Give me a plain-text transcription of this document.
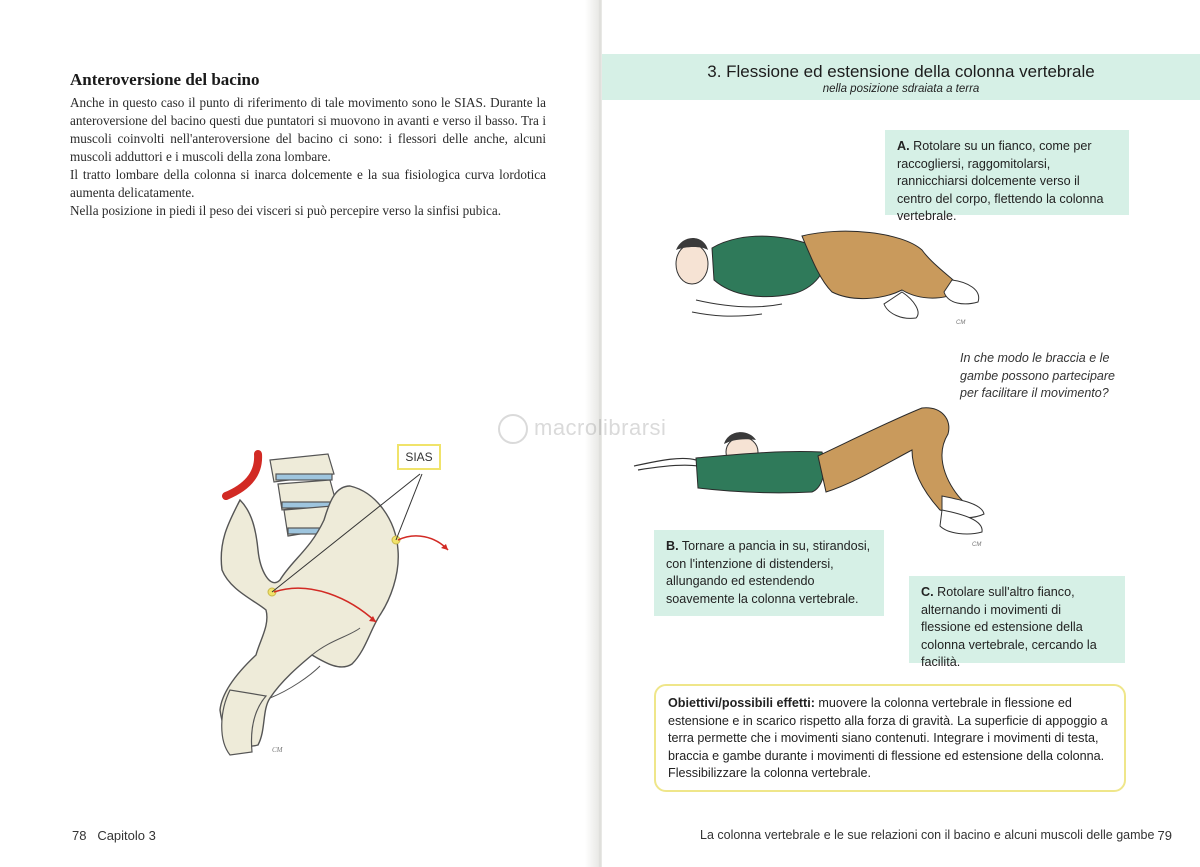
Anteroversione del bacino

Anche in questo caso il punto di riferimento di tale movimento sono le SIAS. Durante la anteroversione del bacino questi due puntatori si muovono in avanti e verso il basso. Tra i muscoli coinvolti nell'anteroversione del bacino ci sono: i flessori delle anche, alcuni muscoli adduttori e i muscoli della zona lombare.

Il tratto lombare della colonna si inarca dolcemente e la sua fisiologica curva lordotica aumenta delicatamente.

Nella posizione in piedi il peso dei visceri si può percepire verso la sinfisi pubica.

CM
SIAS
78 Capitolo 3
3. Flessione ed estensione della colonna vertebrale
nella posizione sdraiata a terra
A. Rotolare su un fianco, come per raccogliersi, raggomitolarsi, rannicchiarsi dolcemente verso il centro del corpo, flettendo la colonna vertebrale.
CM
In che modo le braccia e le gambe possono partecipare per facilitare il movimento?
CM
B. Tornare a pancia in su, stirandosi, con l'intenzione di distendersi, allungando ed estendendo soavemente la colonna vertebrale.	C. Rotolare sull'altro fianco, alternando i movimenti di flessione ed estensione della colonna vertebrale, cercando la facilità.
Obiettivi/possibili effetti: muovere la colonna vertebrale in flessione ed estensione e in scarico rispetto alla forza di gravità. La superficie di appoggio a terra permette che i movimenti siano contenuti. Integrare i movimenti di testa, braccia e gambe durante i movimenti di flessione ed estensione della colonna. Flessibilizzare la colonna vertebrale.
La colonna vertebrale e le sue relazioni con il bacino e alcuni muscoli delle gambe 79
macrolibrarsi
